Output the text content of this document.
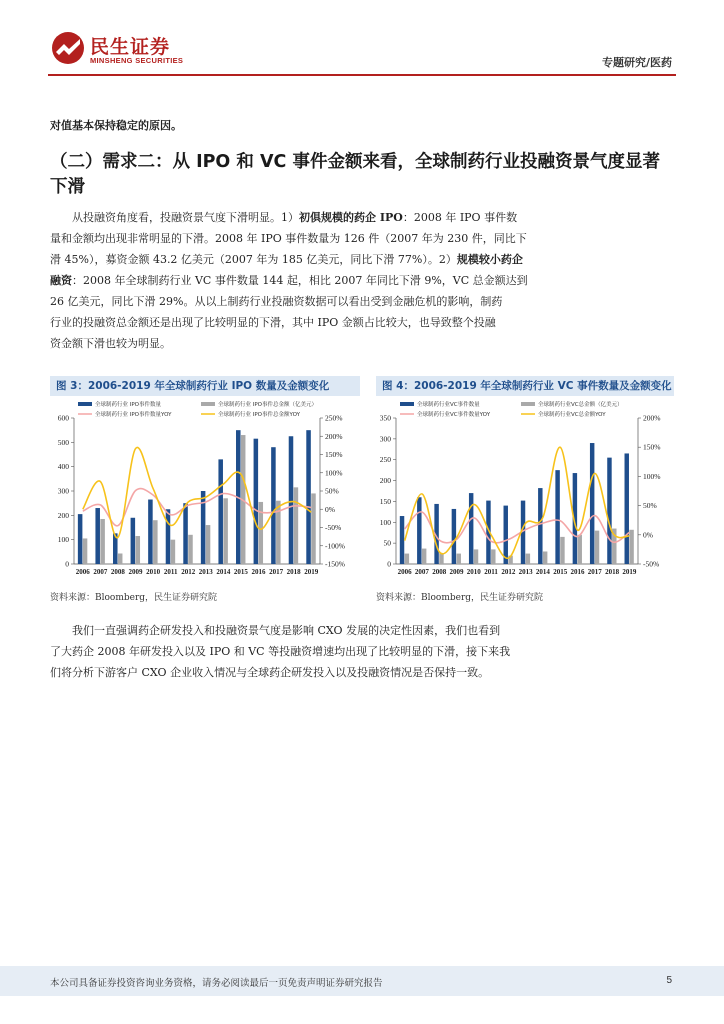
民生证券
MINSHENG SECURITIES	专题研究/医药
对值基本保持稳定的原因。
（二）需求二：从 IPO 和 VC 事件金额来看，全球制药行业投融资景气度显著下滑
从投融资角度看，投融资景气度下滑明显。1）初俱规模的药企 IPO：2008 年 IPO 事件数
量和金额均出现非常明显的下滑。2008 年 IPO 事件数量为 126 件（2007 年为 230 件，同比下
滑 45%），募资金额 43.2 亿美元（2007 年为 185 亿美元，同比下滑 77%）。2）规模较小药企
融资：2008 年全球制药行业 VC 事件数量 144 起，相比 2007 年同比下滑 9%，VC 总金额达到
26 亿美元，同比下滑 29%。从以上制药行业投融资数据可以看出受到金融危机的影响，制药
行业的投融资总金额还是出现了比较明显的下滑，其中 IPO 金额占比较大，也导致整个投融
资金额下滑也较为明显。
图 3：2006-2019 年全球制药行业 IPO 数量及金额变化	图 4：2006-2019 年全球制药行业 VC 事件数量及金额变化
0
100
200
300
400
500
600
-150%
-100%
-50%
0%
50%
100%
150%
200%
250%
2006 2007 2008 2009 2010 2011 2012 2013 2014 2015 2016 2017 2018 2019
全球制药行业 IPO事件数量	全球制药行业 IPO事件总金额（亿美元）
全球制药行业 IPO事件数量YOY	全球制药行业 IPO事件总金额YOY
0
50
100
150
200
250
300
350
-50%
0%
50%
100%
150%
200%
2006 2007 2008 2009 2010 2011 2012 2013 2014 2015 2016 2017 2018 2019
全球制药行业VC事件数量	全球制药行业VC总金额（亿美元）
全球制药行业VC事件数量YOY	全球制药行业VC总金额YOY
资料来源：Bloomberg，民生证券研究院	资料来源：Bloomberg，民生证券研究院
我们一直强调药企研发投入和投融资景气度是影响 CXO 发展的决定性因素，我们也看到
了大药企 2008 年研发投入以及 IPO 和 VC 等投融资增速均出现了比较明显的下滑，接下来我
们将分析下游客户 CXO 企业收入情况与全球药企研发投入以及投融资情况是否保持一致。
本公司具备证券投资咨询业务资格，请务必阅读最后一页免责声明证券研究报告	5
